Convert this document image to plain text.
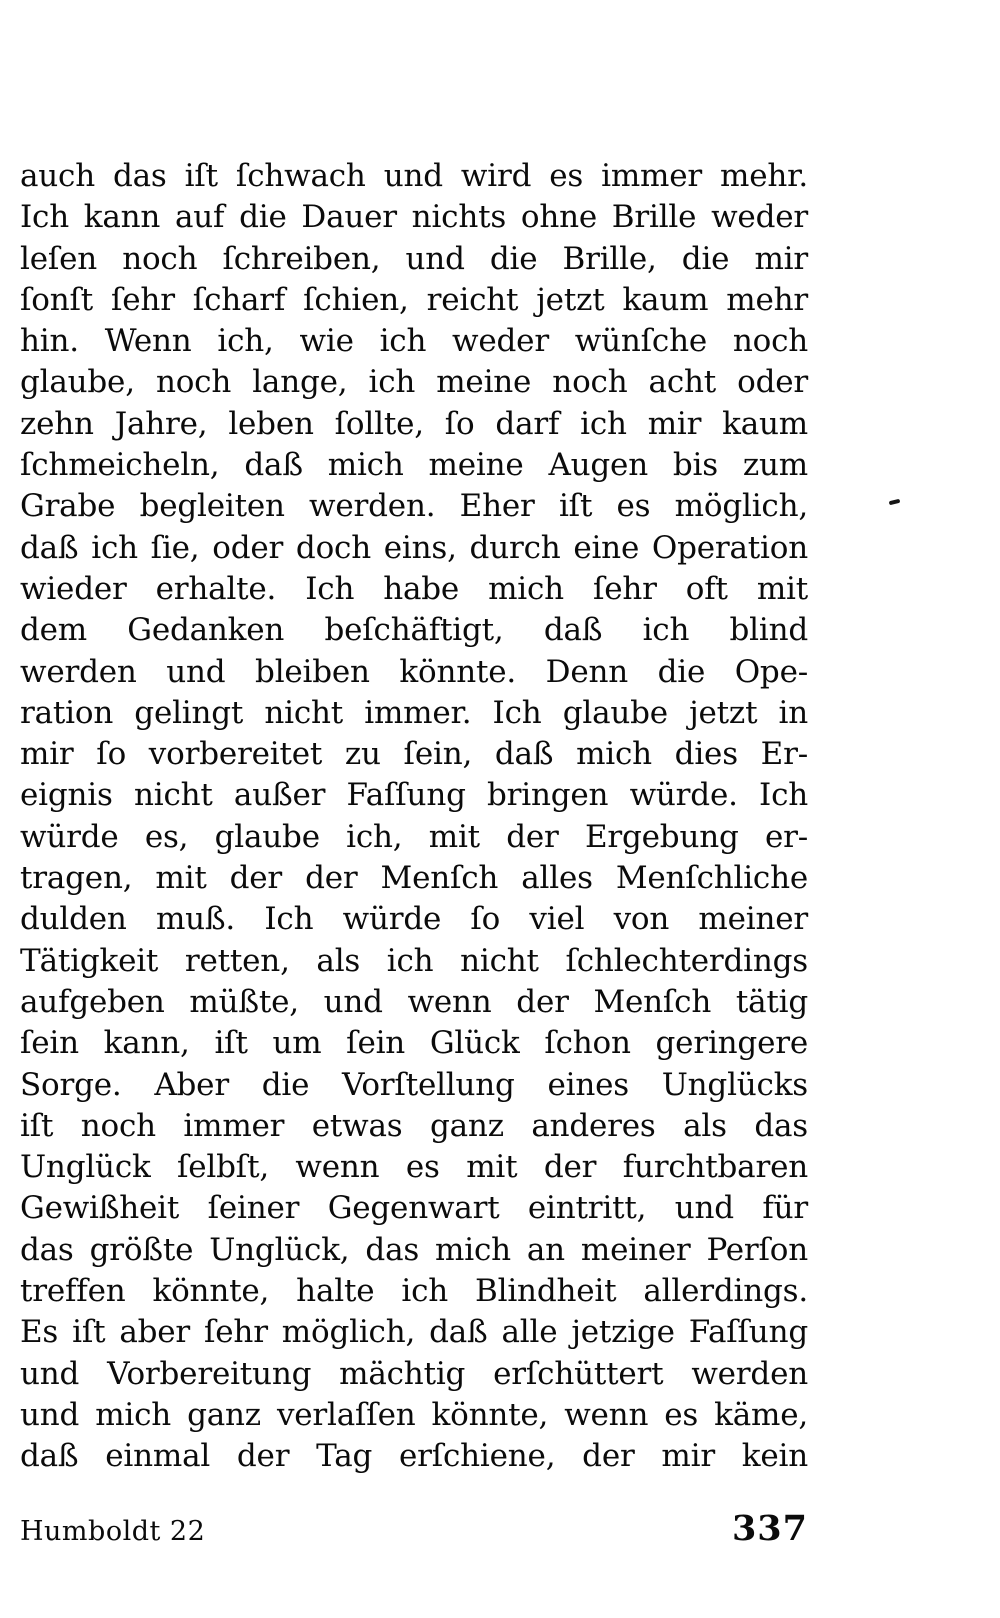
auch das iſt ſchwach und wird es immer mehr.
Ich kann auf die Dauer nichts ohne Brille weder
leſen noch ſchreiben, und die Brille, die mir
ſonſt ſehr ſcharf ſchien, reicht jetzt kaum mehr
hin. Wenn ich, wie ich weder wünſche noch
glaube, noch lange, ich meine noch acht oder
zehn Jahre, leben ſollte, ſo darf ich mir kaum
ſchmeicheln, daß mich meine Augen bis zum
Grabe begleiten werden. Eher iſt es möglich,
daß ich ſie, oder doch eins, durch eine Operation
wieder erhalte. Ich habe mich ſehr oft mit
dem Gedanken beſchäftigt, daß ich blind
werden und bleiben könnte. Denn die Ope-
ration gelingt nicht immer. Ich glaube jetzt in
mir ſo vorbereitet zu ſein, daß mich dies Er-
eignis nicht außer Faſſung bringen würde. Ich
würde es, glaube ich, mit der Ergebung er-
tragen, mit der der Menſch alles Menſchliche
dulden muß. Ich würde ſo viel von meiner
Tätigkeit retten, als ich nicht ſchlechterdings
aufgeben müßte, und wenn der Menſch tätig
ſein kann, iſt um ſein Glück ſchon geringere
Sorge. Aber die Vorſtellung eines Unglücks
iſt noch immer etwas ganz anderes als das
Unglück ſelbſt, wenn es mit der furchtbaren
Gewißheit ſeiner Gegenwart eintritt, und für
das größte Unglück, das mich an meiner Perſon
treffen könnte, halte ich Blindheit allerdings.
Es iſt aber ſehr möglich, daß alle jetzige Faſſung
und Vorbereitung mächtig erſchüttert werden
und mich ganz verlaſſen könnte, wenn es käme,
daß einmal der Tag erſchiene, der mir kein
Humboldt 22	337
